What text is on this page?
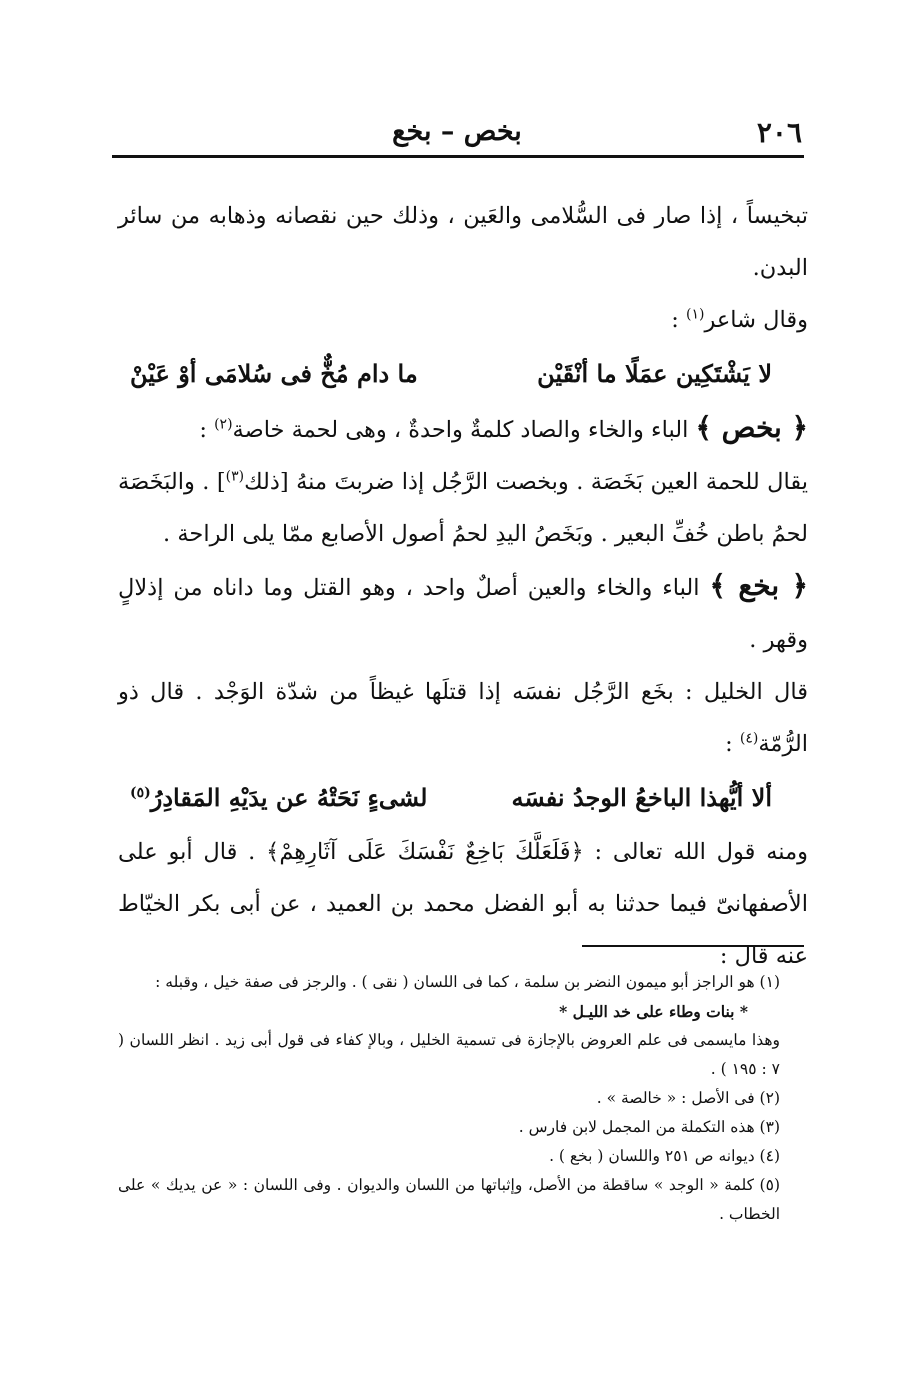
٢٠٦
بخص – بخع

تبخيساً ، إذا صار فى السُّلامى والعَين ، وذلك حين نقصانه وذهابه من سائر البدن.

وقال شاعر$^{(١)}$ :

لا يَشْتَكِين عمَلًا ما أنْقَيْن
ما دام مُخٌّ فى سُلامَى أوْ عَيْنْ

﴿ بخص ﴾ الباء والخاء والصاد كلمةٌ واحدةٌ ، وهى لحمة خاصة$^{(٢)}$ :

يقال للحمة العين بَخَصَة . وبخصت الرَّجُل إذا ضربتَ منهُ [ذلك$^{(٣)}$] . والبَخَصَة لحمُ باطن خُفِّ البعير . وبَخَصُ اليدِ لحمُ أصول الأصابع ممّا يلى الراحة .

﴿ بخع ﴾ الباء والخاء والعين أصلٌ واحد ، وهو القتل وما داناه من إذلالٍ وقهر .

قال الخليل : بخَع الرَّجُل نفسَه إذا قتلَها غيظاً من شدّة الوَجْد . قال ذو الرُّمّة$^{(٤)}$ :

ألا أيُّهذا الباخعُ الوجدُ نفسَه
لشىءٍ نَحَتْهُ عن يدَيْهِ المَقادِرُ$^{(٥)}$

ومنه قول الله تعالى : ﴿فَلَعَلَّكَ بَاخِعٌ نَفْسَكَ عَلَى آثَارِهِمْ﴾ . قال أبو على الأصفهانىّ فيما حدثنا به أبو الفضل محمد بن العميد ، عن أبى بكر الخيّاط عنه قال :

(١) هو الراجز أبو ميمون النضر بن سلمة ، كما فى اللسان ( نقى ) . والرجز فى صفة خيل ، وقبله :

* بنات وطاء على خد الليـل *

وهذا مايسمى فى علم العروض بالإجازة فى تسمية الخليل ، وبالإ كفاء فى قول أبى زيد . انظر اللسان ( ٧ : ١٩٥ ) .

(٢) فى الأصل : « خالصة » .

(٣) هذه التكملة من المجمل لابن فارس .

(٤) ديوانه ص ٢٥١ واللسان ( بخع ) .

(٥) كلمة « الوجد » ساقطة من الأصل، وإثباتها من اللسان والديوان . وفى اللسان : « عن يديك » على الخطاب .
